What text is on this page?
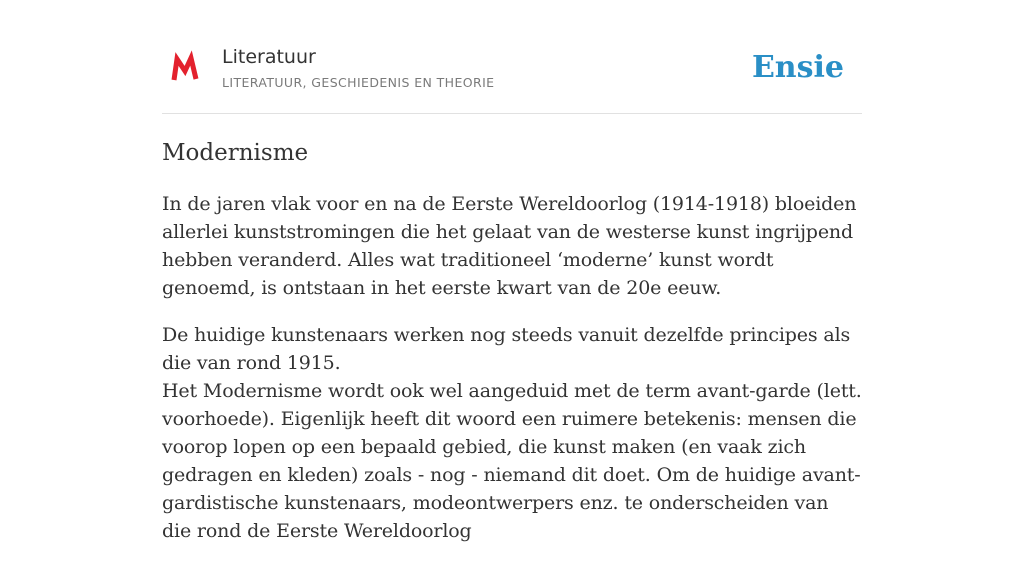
Literatuur
LITERATUUR, GESCHIEDENIS EN THEORIE	Ensie
Modernisme

In de jaren vlak voor en na de Eerste Wereldoorlog (1914-1918) bloeiden allerlei kunststromingen die het gelaat van de westerse kunst ingrijpend hebben veranderd. Alles wat traditioneel ‘moderne’ kunst wordt genoemd, is ontstaan in het eerste kwart van de 20e eeuw.

De huidige kunstenaars werken nog steeds vanuit dezelfde principes als die van rond 1915.
Het Modernisme wordt ook wel aangeduid met de term avant-garde (lett. voorhoede). Eigenlijk heeft dit woord een ruimere betekenis: mensen die voorop lopen op een bepaald gebied, die kunst maken (en vaak zich gedragen en kleden) zoals - nog - niemand dit doet. Om de huidige avant-gardistische kunstenaars, modeontwerpers enz. te onderscheiden van die rond de Eerste Wereldoorlog
